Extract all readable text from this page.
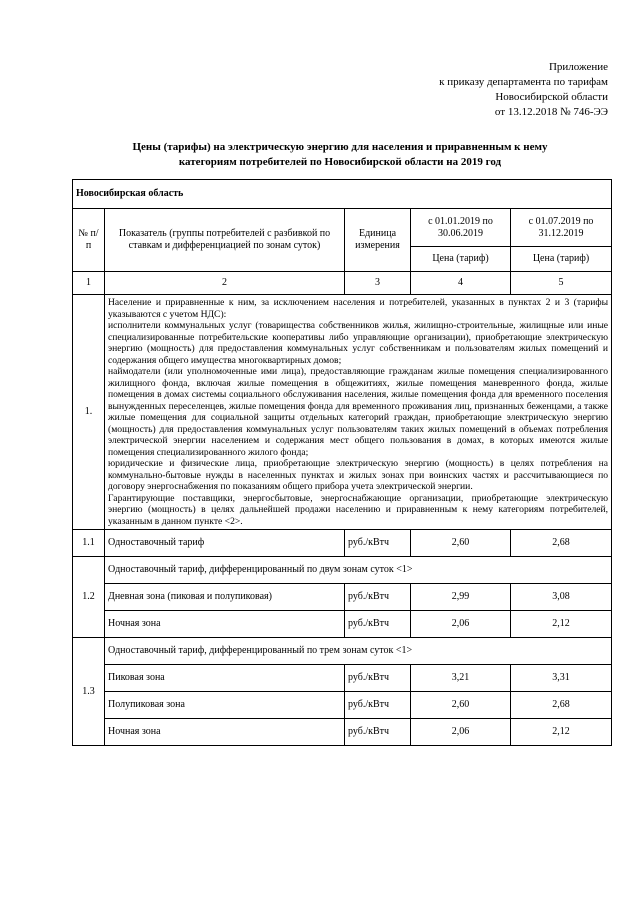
Приложение
к приказу департамента по тарифам
Новосибирской области
от 13.12.2018 № 746-ЭЭ
Цены (тарифы) на электрическую энергию для населения и приравненным к нему
категориям потребителей по Новосибирской области на 2019 год
Новосибирская область				
№ п/п	Показатель (группы потребителей с разбивкой по ставкам и дифференциацией по зонам суток)	Единица измерения	с 01.01.2019 по 30.06.2019	с 01.07.2019 по 31.12.2019
			Цена (тариф)	Цена (тариф)
1	2	3	4	5
1.	Население и приравненные к ним, за исключением населения и потребителей, указанных в пунктах 2 и 3 (тарифы указываются с учетом НДС):

исполнители коммунальных услуг (товарищества собственников жилья, жилищно-строительные, жилищные или иные специализированные потребительские кооперативы либо управляющие организации), приобретающие электрическую энергию (мощность) для предоставления коммунальных услуг собственникам и пользователям жилых помещений и содержания общего имущества многоквартирных домов;

наймодатели (или уполномоченные ими лица), предоставляющие гражданам жилые помещения специализированного жилищного фонда, включая жилые помещения в общежитиях, жилые помещения маневренного фонда, жилые помещения в домах системы социального обслуживания населения, жилые помещения фонда для временного поселения вынужденных переселенцев, жилые помещения фонда для временного проживания лиц, признанных беженцами, а также жилые помещения для социальной защиты отдельных категорий граждан, приобретающие электрическую энергию (мощность) для предоставления коммунальных услуг пользователям таких жилых помещений в объемах потребления электрической энергии населением и содержания мест общего пользования в домах, в которых имеются жилые помещения специализированного жилого фонда;

юридические и физические лица, приобретающие электрическую энергию (мощность) в целях потребления на коммунально-бытовые нужды в населенных пунктах и жилых зонах при воинских частях и рассчитывающиеся по договору энергоснабжения по показаниям общего прибора учета электрической энергии.

Гарантирующие поставщики, энергосбытовые, энергоснабжающие организации, приобретающие электрическую энергию (мощность) в целях дальнейшей продажи населению и приравненным к нему категориям потребителей, указанным в данном пункте <2>.			

1.1	Одноставочный тариф	руб./кВтч	2,60	2,68
1.2	Одноставочный тариф, дифференцированный по двум зонам суток <1>			
	Дневная зона (пиковая и полупиковая)	руб./кВтч	2,99	3,08
	Ночная зона	руб./кВтч	2,06	2,12
1.3	Одноставочный тариф, дифференцированный по трем зонам суток <1>			
	Пиковая зона	руб./кВтч	3,21	3,31
	Полупиковая зона	руб./кВтч	2,60	2,68
	Ночная зона	руб./кВтч	2,06	2,12
